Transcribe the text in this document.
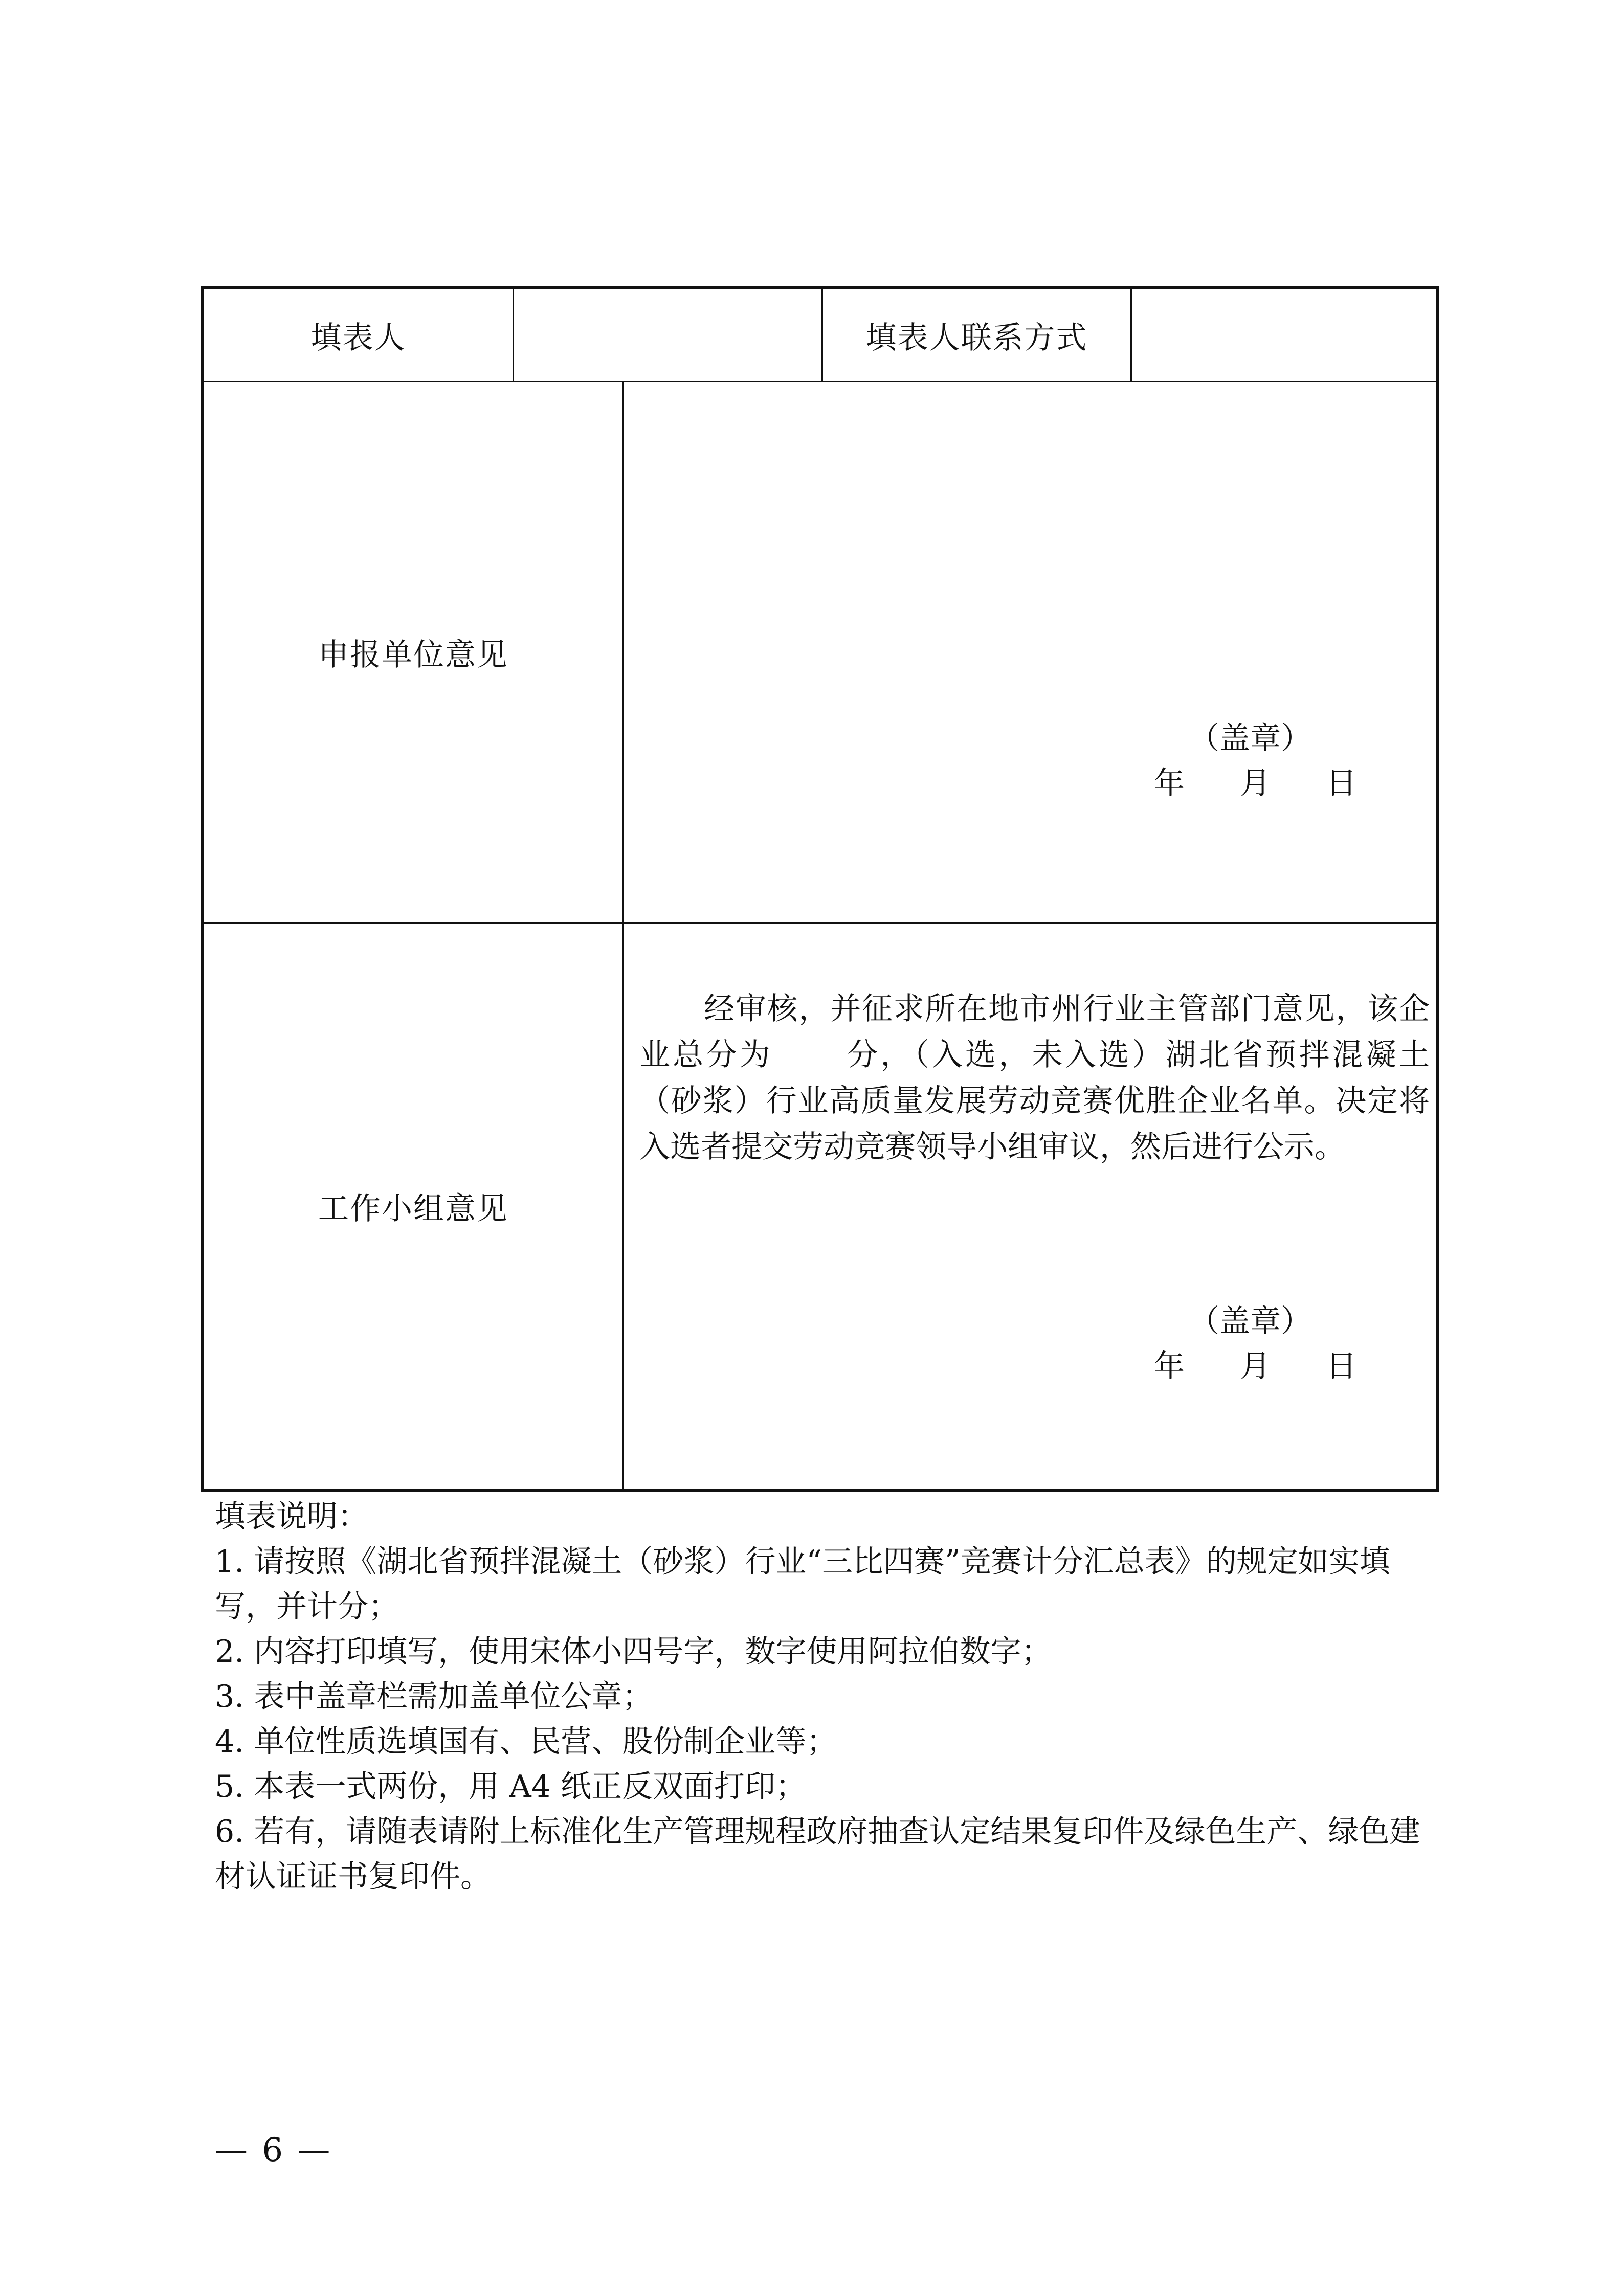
填表人	填表人联系方式
申报单位意见
（盖章）
年 月 日
工作小组意见
经审核，并征求所在地市州行业主管部门意见，该企业总分为 分，（入选，未入选）湖北省预拌混凝土（砂浆）行业高质量发展劳动竞赛优胜企业名单。决定将入选者提交劳动竞赛领导小组审议，然后进行公示。
（盖章）
年 月 日
填表说明：
1. 请按照《湖北省预拌混凝土（砂浆）行业“三比四赛”竞赛计分汇总表》的规定如实填写，并计分；
2. 内容打印填写，使用宋体小四号字，数字使用阿拉伯数字；
3. 表中盖章栏需加盖单位公章；
4. 单位性质选填国有、民营、股份制企业等；
5. 本表一式两份，用 A4 纸正反双面打印；
6. 若有，请随表请附上标准化生产管理规程政府抽查认定结果复印件及绿色生产、绿色建材认证证书复印件。
— 6 —
